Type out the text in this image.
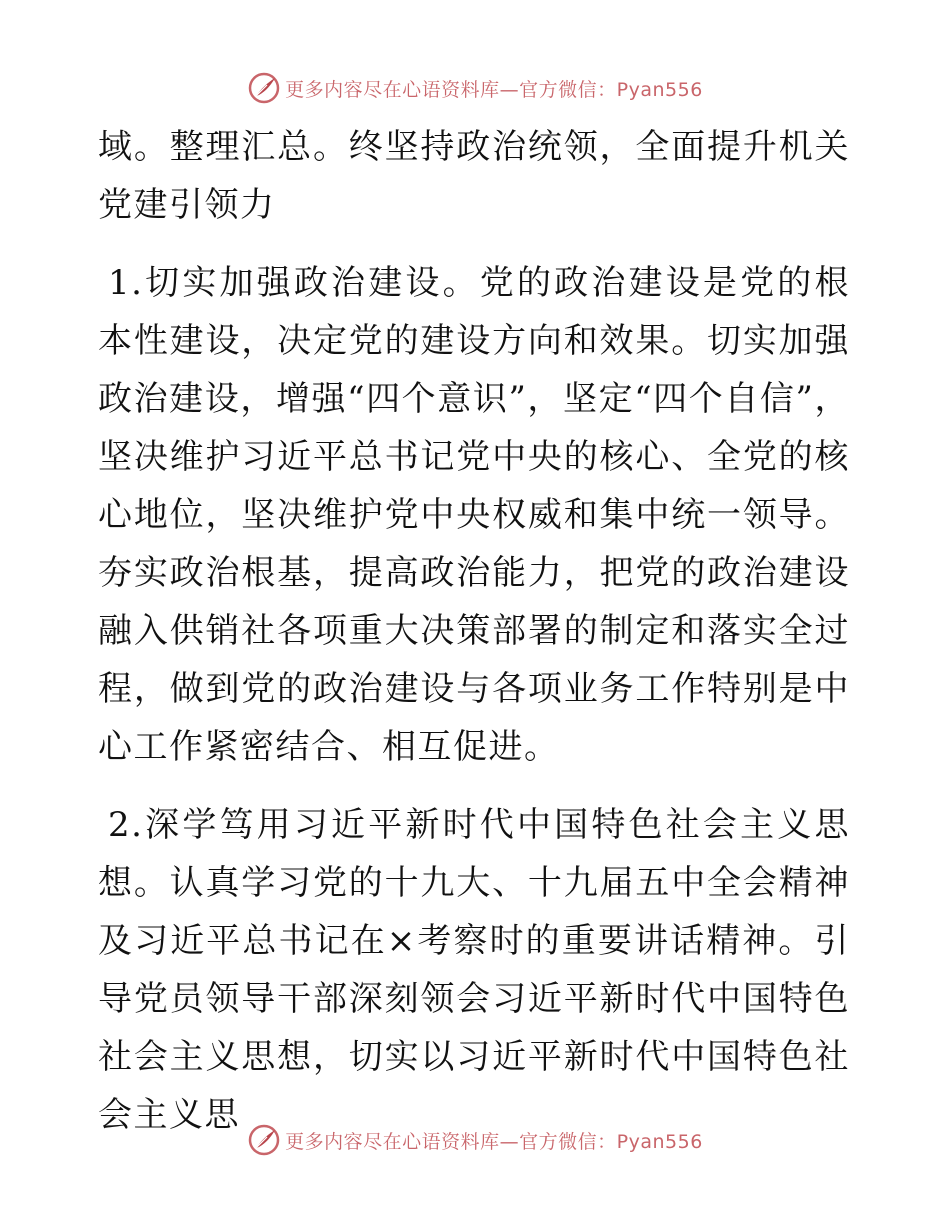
更多内容尽在心语资料库—官方微信：Pyan556

域。整理汇总。终坚持政治统领，全面提升机关党建引领力

1.切实加强政治建设。党的政治建设是党的根本性建设，决定党的建设方向和效果。切实加强政治建设，增强“四个意识”，坚定“四个自信”，坚决维护习近平总书记党中央的核心、全党的核心地位，坚决维护党中央权威和集中统一领导。夯实政治根基，提高政治能力，把党的政治建设融入供销社各项重大决策部署的制定和落实全过程，做到党的政治建设与各项业务工作特别是中心工作紧密结合、相互促进。

2.深学笃用习近平新时代中国特色社会主义思想。认真学习党的十九大、十九届五中全会精神及习近平总书记在×考察时的重要讲话精神。引导党员领导干部深刻领会习近平新时代中国特色社会主义思想，切实以习近平新时代中国特色社会主义思

更多内容尽在心语资料库—官方微信：Pyan556
